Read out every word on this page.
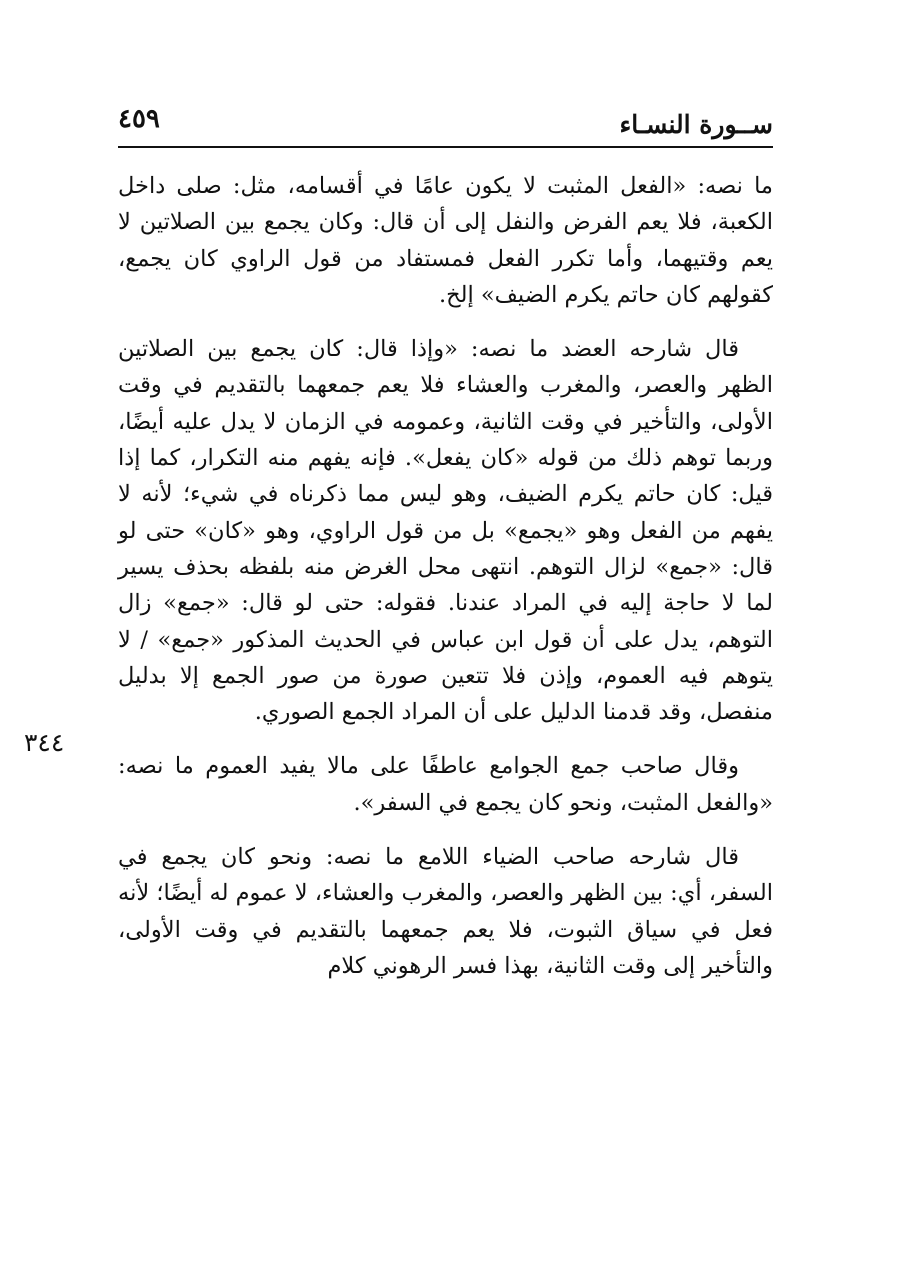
ســورة النسـاء
٤٥٩
٣٤٤

ما نصه: «الفعل المثبت لا يكون عامًا في أقسامه، مثل: صلى داخل الكعبة، فلا يعم الفرض والنفل إلى أن قال: وكان يجمع بين الصلاتين لا يعم وقتيهما، وأما تكرر الفعل فمستفاد من قول الراوي كان يجمع، كقولهم كان حاتم يكرم الضيف» إلخ.

قال شارحه العضد ما نصه: «وإذا قال: كان يجمع بين الصلاتين الظهر والعصر، والمغرب والعشاء فلا يعم جمعهما بالتقديم في وقت الأولى، والتأخير في وقت الثانية، وعمومه في الزمان لا يدل عليه أيضًا، وربما توهم ذلك من قوله «كان يفعل». فإنه يفهم منه التكرار، كما إذا قيل: كان حاتم يكرم الضيف، وهو ليس مما ذكرناه في شيء؛ لأنه لا يفهم من الفعل وهو «يجمع» بل من قول الراوي، وهو «كان» حتى لو قال: «جمع» لزال التوهم. انتهى محل الغرض منه بلفظه بحذف يسير لما لا حاجة إليه في المراد عندنا. فقوله: حتى لو قال: «جمع» زال التوهم، يدل على أن قول ابن عباس في الحديث المذكور «جمع» / لا يتوهم فيه العموم، وإذن فلا تتعين صورة من صور الجمع إلا بدليل منفصل، وقد قدمنا الدليل على أن المراد الجمع الصوري.

وقال صاحب جمع الجوامع عاطفًا على مالا يفيد العموم ما نصه: «والفعل المثبت، ونحو كان يجمع في السفر».

قال شارحه صاحب الضياء اللامع ما نصه: ونحو كان يجمع في السفر، أي: بين الظهر والعصر، والمغرب والعشاء، لا عموم له أيضًا؛ لأنه فعل في سياق الثبوت، فلا يعم جمعهما بالتقديم في وقت الأولى، والتأخير إلى وقت الثانية، بهذا فسر الرهوني كلام
